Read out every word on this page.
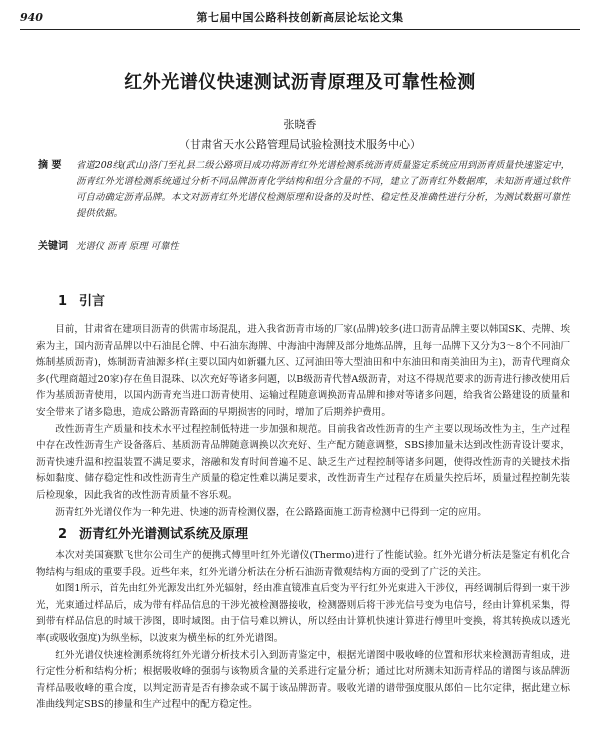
940	第七届中国公路科技创新高层论坛论文集
红外光谱仪快速测试沥青原理及可靠性检测
张晓香
（甘肃省天水公路管理局试验检测技术服务中心）
摘 要 省道208线(武山)洛门至礼县二级公路项目成功将沥青红外光谱检测系统沥青质量鉴定系统应用到沥青质量快速鉴定中，沥青红外光谱检测系统通过分析不同品牌沥青化学结构和组分含量的不同，建立了沥青红外数据库，未知沥青通过软件可自动确定沥青品牌。本文对沥青红外光谱仪检测原理和设备的及时性、稳定性及准确性进行分析，为测试数据可靠性提供依据。
关键词 光谱仪 沥青 原理 可靠性
1 引言

目前，甘肃省在建项目沥青的供需市场混乱，进入我省沥青市场的厂家(品牌)较多(进口沥青品牌主要以韩国SK、壳牌、埃索为主，国内沥青品牌以中石油昆仑牌、中石油东海牌、中海油中海牌及部分地炼品牌，且每一品牌下又分为3～8个不同油厂炼制基质沥青)，炼制沥青油源多样(主要以国内如新疆九区、辽河油田等大型油田和中东油田和南美油田为主)，沥青代理商众多(代理商超过20家)存在鱼目混珠、以次充好等诸多问题，以B级沥青代替A级沥青，对这不得规范要求的沥青进行掺改使用后作为基质沥青使用，以国内沥青充当进口沥青使用、运输过程随意调换沥青品牌和掺对等诸多问题，给我省公路建设的质量和安全带来了诸多隐患，造成公路沥青路面的早期损害的同时，增加了后期养护费用。

改性沥青生产质量和技术水平过程控制低特进一步加强和规范。目前我省改性沥青的生产主要以现场改性为主，生产过程中存在改性沥青生产设备落后、基质沥青品牌随意调换以次充好、生产配方随意调整，SBS掺加量未达到改性沥青设计要求，沥青快速升温和控温装置不满足要求，溶融和发育时间普遍不足、缺乏生产过程控制等诸多问题，使得改性沥青的关键技术指标如黏度、储存稳定性和改性沥青生产质量的稳定性难以满足要求，改性沥青生产过程存在质量失控后坏，质量过程控制先装后检现象，因此我省的改性沥青质量不容乐观。

沥青红外光谱仪作为一种先进、快速的沥青检测仪器，在公路路面施工沥青检测中已得到一定的应用。

2 沥青红外光谱测试系统及原理

本次对美国赛默飞世尔公司生产的便携式傅里叶红外光谱仪(Thermo)进行了性能试验。红外光谱分析法是鉴定有机化合物结构与组成的重要手段。近些年来，红外光谱分析法在分析石油沥青微观结构方面的受到了广泛的关注。

如图1所示，首先由红外光源发出红外光辐射，经由准直镜准直后变为平行红外光束进入干涉仪，再经调制后得到一束干涉光，光束通过样品后，成为带有样品信息的干涉光被检测器接收，检测器则后将干涉光信号变为电信号，经由计算机采集，得到带有样品信息的时域干涉图，即时域图。由于信号难以辨认，所以经由计算机快速计算进行傅里叶变换，将其转换成以透光率(或吸收强度)为纵坐标，以波束为横坐标的红外光谱图。

红外光谱仪快速检测系统将红外光谱分析技术引入到沥青鉴定中，根据光谱图中吸收峰的位置和形状来检测沥青组成，进行定性分析和结构分析；根据吸收峰的强弱与该物质含量的关系进行定量分析；通过比对所测未知沥青样品的谱图与该品牌沥青样品吸收峰的重合度，以判定沥青是否有掺杂或不属于该品牌沥青。吸收光谱的谱带强度服从郎伯－比尔定律，据此建立标准曲线判定SBS的掺量和生产过程中的配方稳定性。
